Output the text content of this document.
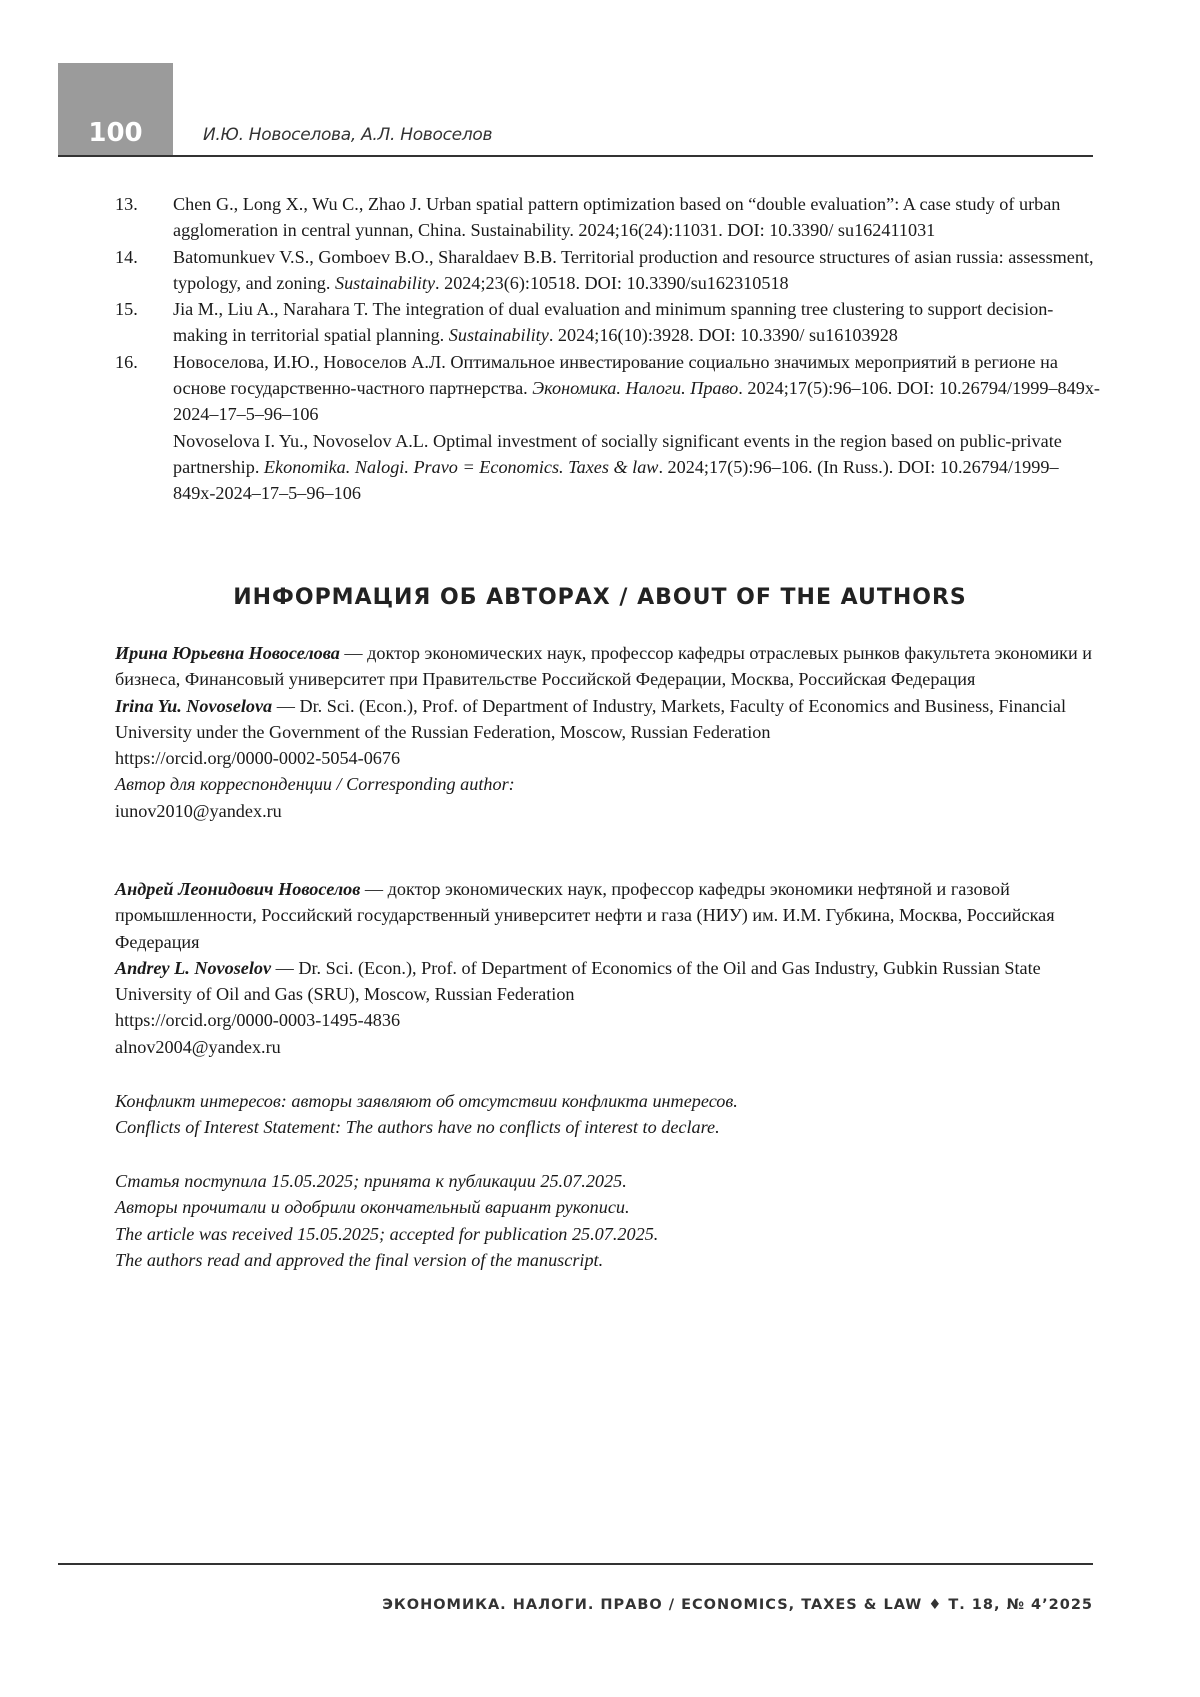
100	И.Ю. Новоселова, А.Л. Новоселов
13.	Chen G., Long X., Wu C., Zhao J. Urban spatial pattern optimization based on “double evaluation”: A case study of urban agglomeration in central yunnan, China. Sustainability. 2024;16(24):11031. DOI: 10.3390/ su162411031

14.	Batomunkuev V.S., Gomboev B.O., Sharaldaev B.B. Territorial production and resource structures of asian russia: assessment, typology, and zoning. Sustainability. 2024;23(6):10518. DOI: 10.3390/su162310518

15.	Jia M., Liu A., Narahara T. The integration of dual evaluation and minimum spanning tree clustering to support decision-making in territorial spatial planning. Sustainability. 2024;16(10):3928. DOI: 10.3390/ su16103928

16.	Новоселова, И.Ю., Новоселов А.Л. Оптимальное инвестирование социально значимых мероприятий в регионе на основе государственно-частного партнерства. Экономика. Налоги. Право. 2024;17(5):96–106. DOI: 10.26794/1999–849x-2024–17–5–96–106

Novoselova I. Yu., Novoselov A.L. Optimal investment of socially significant events in the region based on public-private partnership. Ekonomika. Nalogi. Pravo = Economics. Taxes & law. 2024;17(5):96–106. (In Russ.). DOI: 10.26794/1999–849x-2024–17–5–96–106

ИНФОРМАЦИЯ ОБ АВТОРАХ / ABOUT OF THE AUTHORS

Ирина Юрьевна Новоселова — доктор экономических наук, профессор кафедры отраслевых рынков факультета экономики и бизнеса, Финансовый университет при Правительстве Российской Федерации, Москва, Российская Федерация

Irina Yu. Novoselova — Dr. Sci. (Econ.), Prof. of Department of Industry, Markets, Faculty of Economics and Business, Financial University under the Government of the Russian Federation, Moscow, Russian Federation

https://orcid.org/0000-0002-5054-0676

Автор для корреспонденции / Corresponding author:

iunov2010@yandex.ru

Андрей Леонидович Новоселов — доктор экономических наук, профессор кафедры экономики нефтяной и газовой промышленности, Российский государственный университет нефти и газа (НИУ) им. И.М. Губкина, Москва, Российская Федерация

Andrey L. Novoselov — Dr. Sci. (Econ.), Prof. of Department of Economics of the Oil and Gas Industry, Gubkin Russian State University of Oil and Gas (SRU), Moscow, Russian Federation

https://orcid.org/0000-0003-1495-4836

alnov2004@yandex.ru

Конфликт интересов: авторы заявляют об отсутствии конфликта интересов.

Conflicts of Interest Statement: The authors have no conflicts of interest to declare.

Статья поступила 15.05.2025; принята к публикации 25.07.2025.

Авторы прочитали и одобрили окончательный вариант рукописи.

The article was received 15.05.2025; accepted for publication 25.07.2025.

The authors read and approved the final version of the manuscript.

ЭКОНОМИКА. НАЛОГИ. ПРАВО / ECONOMICS, TAXES & LAW ♦ Т. 18, № 4’2025
